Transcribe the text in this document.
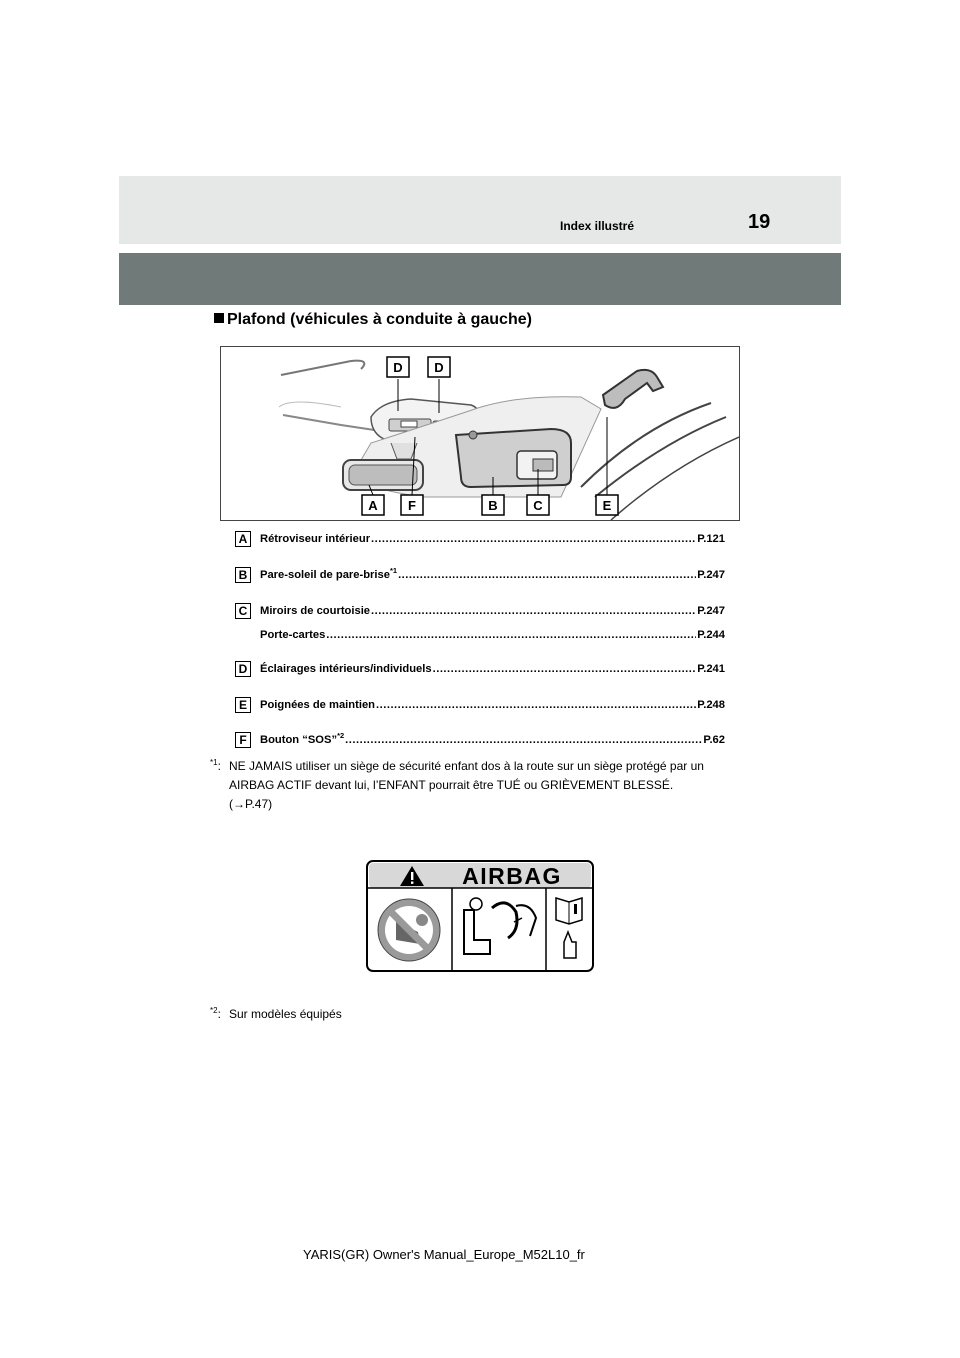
Index illustré	19
Plafond (véhicules à conduite à gauche)
D D
A F	B	C	E
A	Rétroviseur intérieur .....	P.121
B	Pare-soleil de pare-brise$^{*1}$ .....	P.247
C	Miroirs de courtoisie .....	P.247
Porte-cartes .....	P.244
D	Éclairages intérieurs/individuels .....	P.241
E	Poignées de maintien .....	P.248
F	Bouton “SOS”$^{*2}$ .....	P.62
$^{*1}$: NE JAMAIS utiliser un siège de sécurité enfant dos à la route sur un siège protégé par un
AIRBAG ACTIF devant lui, l’ENFANT pourrait être TUÉ ou GRIÈVEMENT BLESSÉ.
(→P.47)
AIRBAG
$^{*2}$: Sur modèles équipés
YARIS(GR) Owner's Manual_Europe_M52L10_fr
